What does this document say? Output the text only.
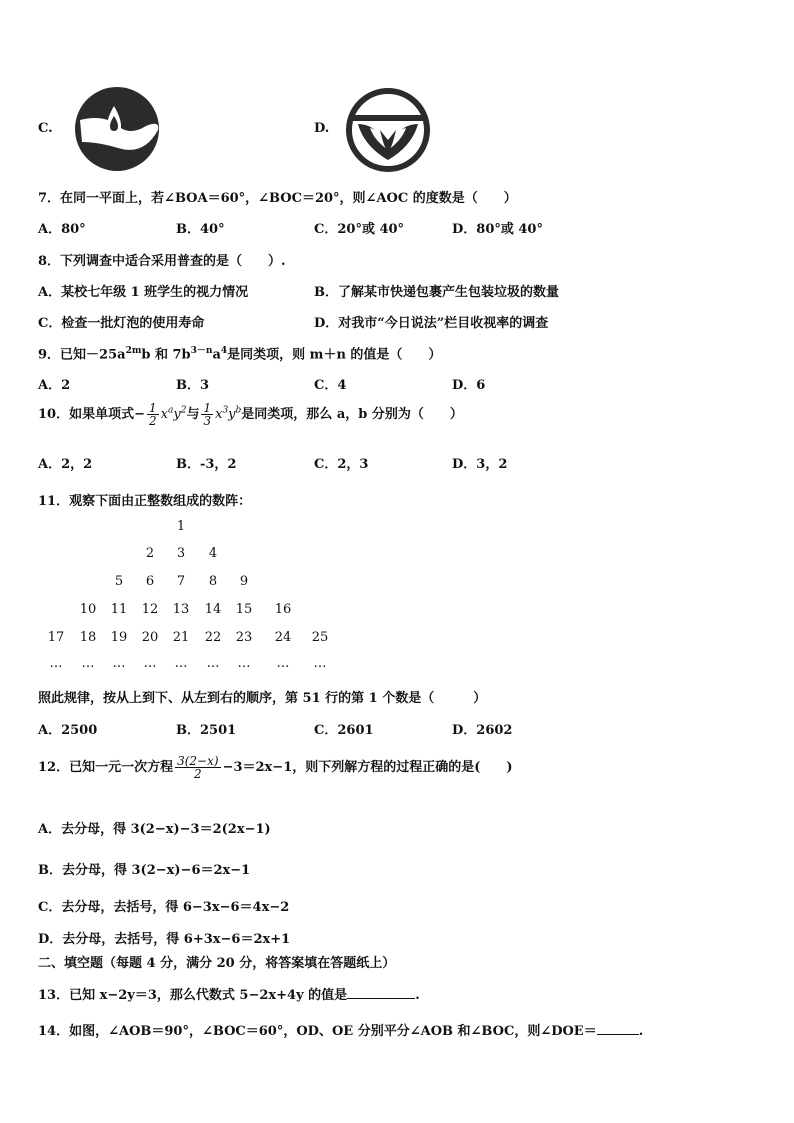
C.	D.
7．在同一平面上，若∠BOA＝60°，∠BOC＝20°，则∠AOC 的度数是（　　）
A．80°	B．40°	C．20°或 40°	D．80°或 40°
8．下列调查中适合采用普查的是（　　）.
A．某校七年级 1 班学生的视力情况	B．了解某市快递包裹产生包装垃圾的数量
C．检查一批灯泡的使用寿命	D．对我市“今日说法”栏目收视率的调查
9．已知$-25a^{2m}b$ 和 $7b^{3-n}a^4$是同类项，则 m＋n 的值是（　　）
A．2	B．3	C．4	D．6
10．如果单项式− $\frac{1}{2} x^ay^2$与 $\frac{1}{3} x^3y^b$是同类项，那么 a，b 分别为（　　）
A．2，2	B．-3，2	C．2，3	D．3，2
11．观察下面由正整数组成的数阵：
1
2	3	4
5	6	7	8	9
10	11	12	13	14	15	16
17	18	19	20	21	22	23	24	25
…	…	…	…	…	…	…	…	…
照此规律，按从上到下、从左到右的顺序，第 51 行的第 1 个数是（　　　）
A．2500	B．2501	C．2601	D．2602
12．已知一元一次方程 $\frac{3(2-x)}{2} -3=2x-1$，则下列解方程的过程正确的是(　　)
A．去分母，得 3(2−x)−3＝2(2x−1)
B．去分母，得 3(2−x)−6＝2x−1
C．去分母，去括号，得 6−3x−6＝4x−2
D．去分母，去括号，得 6+3x−6＝2x+1
二、填空题（每题 4 分，满分 20 分，将答案填在答题纸上）
13．已知 x−2y＝3，那么代数式 5−2x+4y 的值是	.
14．如图，∠AOB＝90°，∠BOC＝60°，OD、OE 分别平分∠AOB 和∠BOC，则∠DOE＝	.
